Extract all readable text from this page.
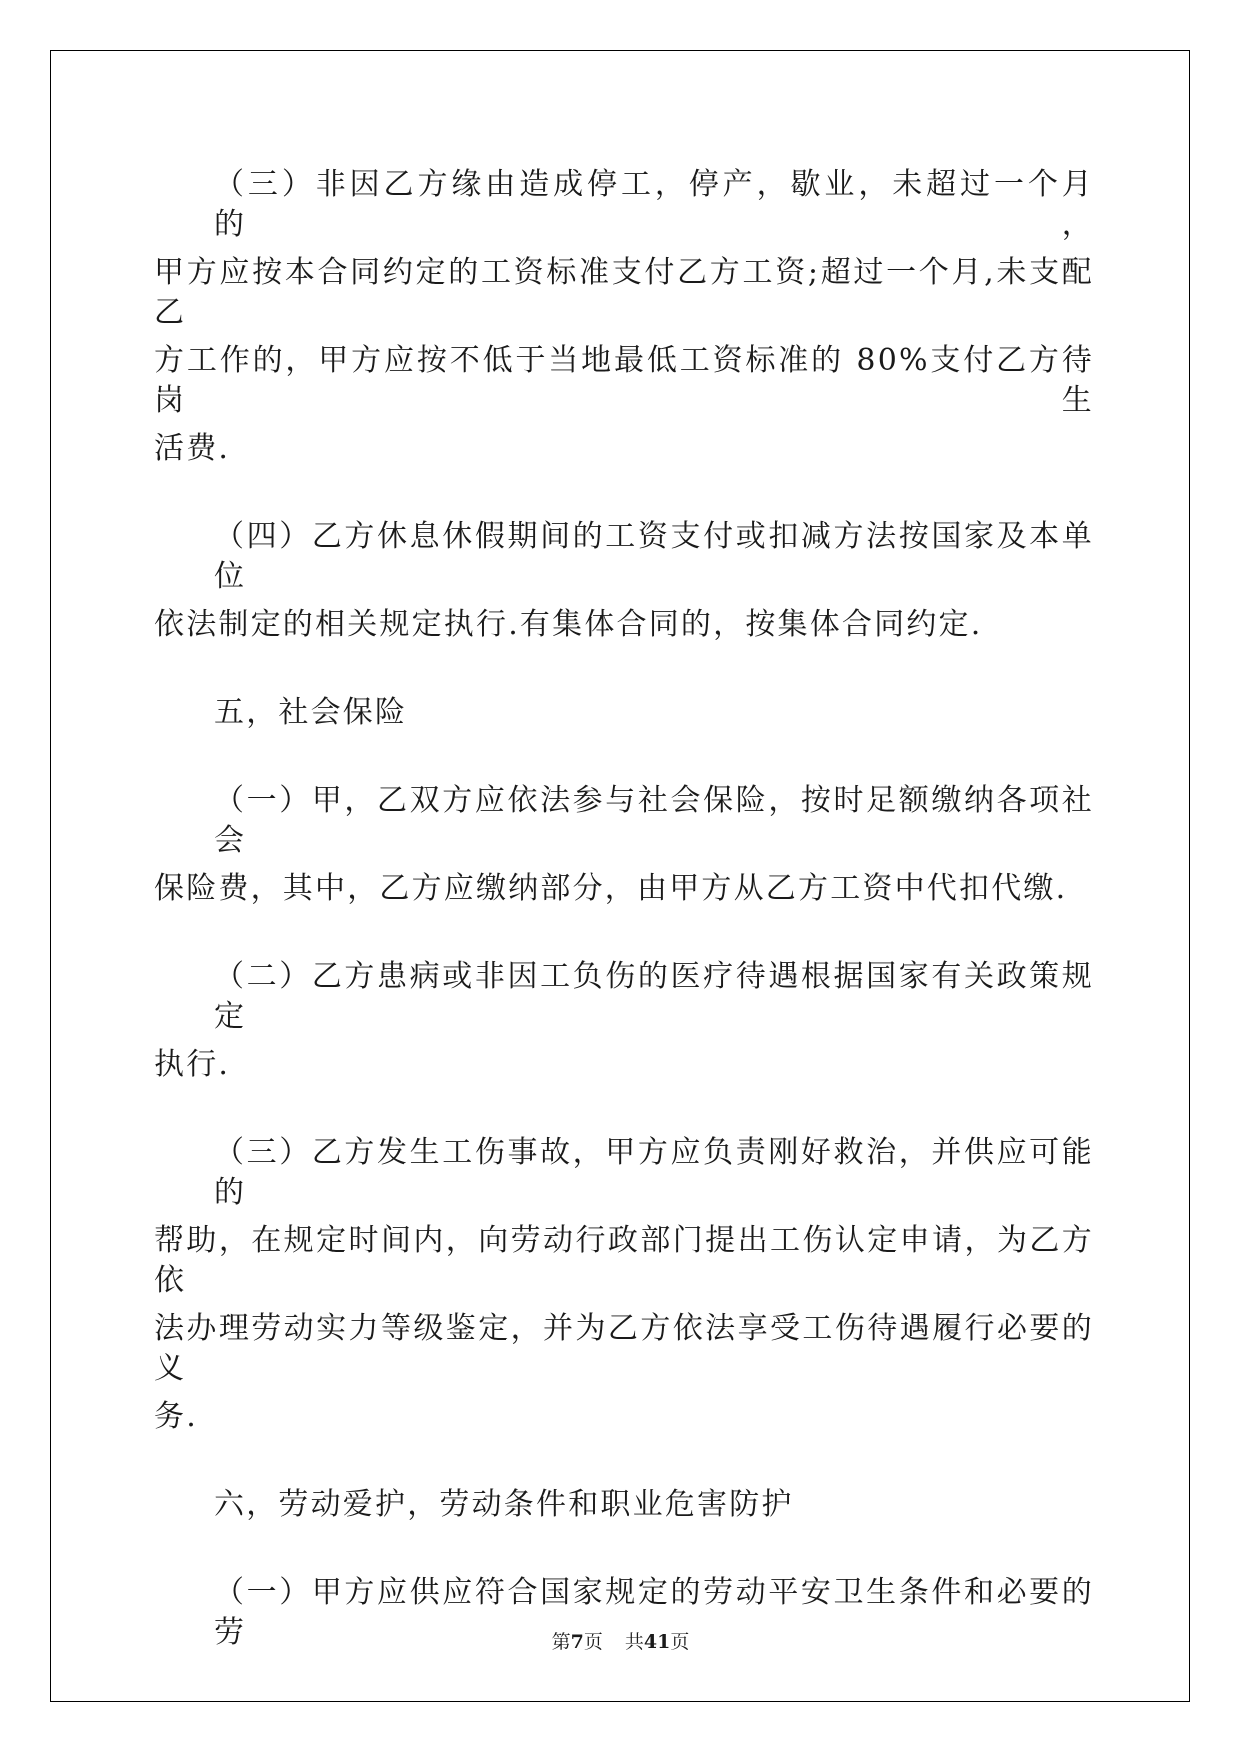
（三）非因乙方缘由造成停工，停产，歇业，未超过一个月的，
甲方应按本合同约定的工资标准支付乙方工资;超过一个月,未支配乙
方工作的，甲方应按不低于当地最低工资标准的 80%支付乙方待岗生
活费.
（四）乙方休息休假期间的工资支付或扣减方法按国家及本单位
依法制定的相关规定执行.有集体合同的，按集体合同约定.
五，社会保险
（一）甲，乙双方应依法参与社会保险，按时足额缴纳各项社会
保险费，其中，乙方应缴纳部分，由甲方从乙方工资中代扣代缴.
（二）乙方患病或非因工负伤的医疗待遇根据国家有关政策规定
执行.
（三）乙方发生工伤事故，甲方应负责刚好救治，并供应可能的
帮助，在规定时间内，向劳动行政部门提出工伤认定申请，为乙方依
法办理劳动实力等级鉴定，并为乙方依法享受工伤待遇履行必要的义
务.
六，劳动爱护，劳动条件和职业危害防护
（一）甲方应供应符合国家规定的劳动平安卫生条件和必要的劳	第7页 共41页
